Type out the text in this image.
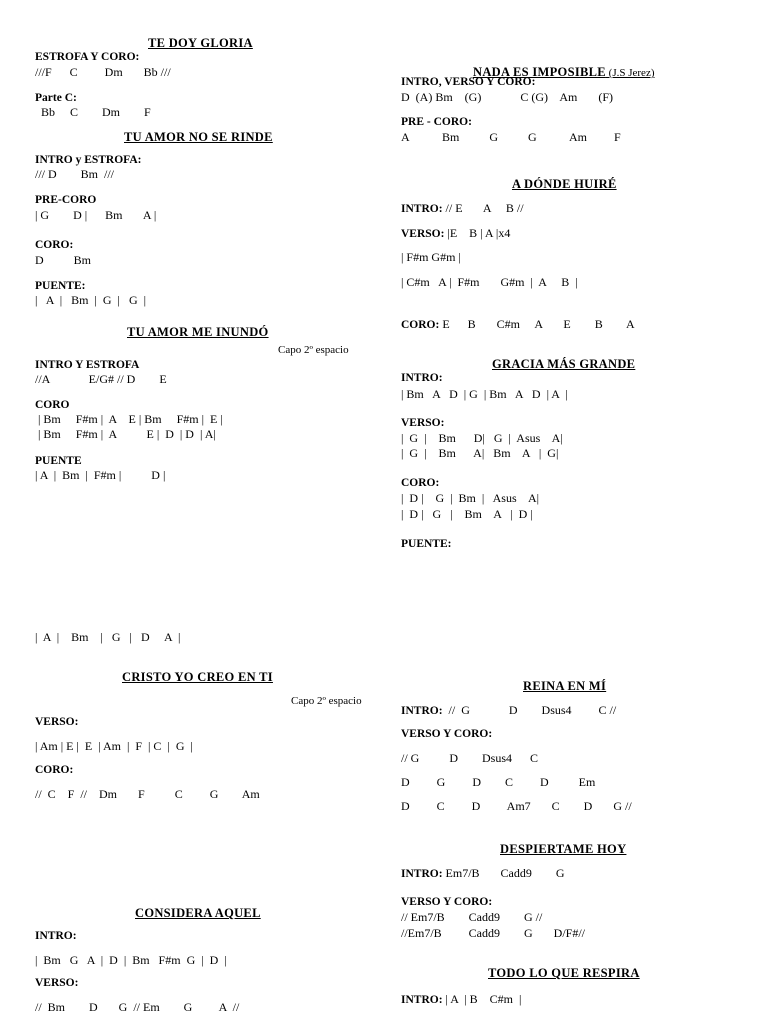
TE DOY GLORIA
ESTROFA Y CORO:
///F      C         Dm       Bb ///
Parte C:
Bb     C        Dm        F
TU AMOR NO SE RINDE
INTRO y ESTROFA:
/// D        Bm  ///
PRE-CORO
| G        D |      Bm       A |
CORO:
D          Bm
PUENTE:
|   A  |   Bm  |  G  |   G  |
TU AMOR ME INUNDÓ
Capo 2º espacio
INTRO Y ESTROFA
//A             E/G# // D        E
CORO
| Bm     F#m |  A    E | Bm     F#m |  E |
| Bm     F#m |  A          E |  D  | D  | A|
PUENTE
| A  |  Bm  |  F#m |          D |
|  A  |    Bm    |   G   |   D     A  |
CRISTO YO CREO EN TI
Capo 2º espacio
VERSO:
| Am | E |  E  | Am  |  F  | C  |  G  |
CORO:
//  C    F  //    Dm       F          C         G        Am
CONSIDERA AQUEL
INTRO:
|  Bm   G   A  |  D  |  Bm   F#m  G  |  D  |
VERSO:
//  Bm        D       G  // Em        G         A  //

NADA ES IMPOSIBLE (J.S Jerez)

INTRO, VERSO Y CORO:
D  (A) Bm    (G)             C (G)    Am       (F)
PRE - CORO:
A           Bm          G          G           Am         F
A DÓNDE HUIRÉ
INTRO: // E       A     B //
VERSO: |E    B | A |x4
| F#m G#m |
| C#m   A |  F#m       G#m  |  A     B  |
CORO: E      B       C#m     A       E        B        A
GRACIA MÁS GRANDE
INTRO:
| Bm   A   D  | G  | Bm   A   D  | A  |
VERSO:
|  G  |    Bm      D|   G  |  Asus    A|
|  G  |    Bm      A|   Bm    A   |  G|
CORO:
|  D |    G  |  Bm  |   Asus    A|
|  D |   G   |    Bm    A   |  D |
PUENTE:
REINA EN MÍ
INTRO:  //  G             D        Dsus4         C //
VERSO Y CORO:
// G          D        Dsus4      C
D         G         D        C         D          Em
D         C         D         Am7       C        D       G //
DESPIERTAME HOY
INTRO: Em7/B       Cadd9        G
VERSO Y CORO:
// Em7/B        Cadd9        G //
//Em7/B         Cadd9        G       D/F#//
TODO LO QUE RESPIRA
INTRO: | A  | B    C#m  |
